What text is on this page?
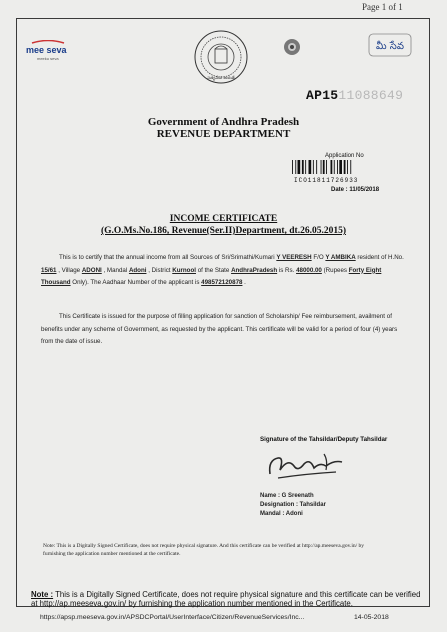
Page 1 of 1
mee seva
meeku seva
సత్యమేవ జయతే
మీ సేవ
AP1511088649
Government of Andhra Pradesh
REVENUE DEPARTMENT
Application No
ICO11811726933
Date : 11/05/2018
INCOME CERTIFICATE
(G.O.Ms.No.186, Revenue(Ser.II)Department, dt.26.05.2015)
This is to certify that the annual income from all Sources of Sri/Srimathi/Kumari Y VEERESH F/O Y AMBIKA resident of H.No. 15/61 , Village ADONI , Mandal Adoni , District Kurnool of the State AndhraPradesh is Rs. 48000.00 (Rupees Forty Eight Thousand Only). The Aadhaar Number of the applicant is 498572120878 .
This Certificate is issued for the purpose of filling application for sanction of Scholarship/ Fee reimbursement, availment of benefits under any scheme of Government, as requested by the applicant. This certificate will be valid for a period of four (4) years from the date of issue.
Signature of the Tahsildar/Deputy Tahsildar
Name : G Sreenath
Designation : Tahsildar
Mandal : Adoni
Note: This is a Digitally Signed Certificate, does not require physical signature. And this certificate can be verified at http://ap.meeseva.gov.in/ by furnishing the application number mentioned at the certificate.
Note : This is a Digitally Signed Certificate, does not require physical signature and this certificate can be verified at http://ap.meeseva.gov.in/ by furnishing the application number mentioned in the Certificate.
https://apsp.meeseva.gov.in/APSDCPortal/UserInterface/Citizen/RevenueServices/Inc...	14-05-2018
